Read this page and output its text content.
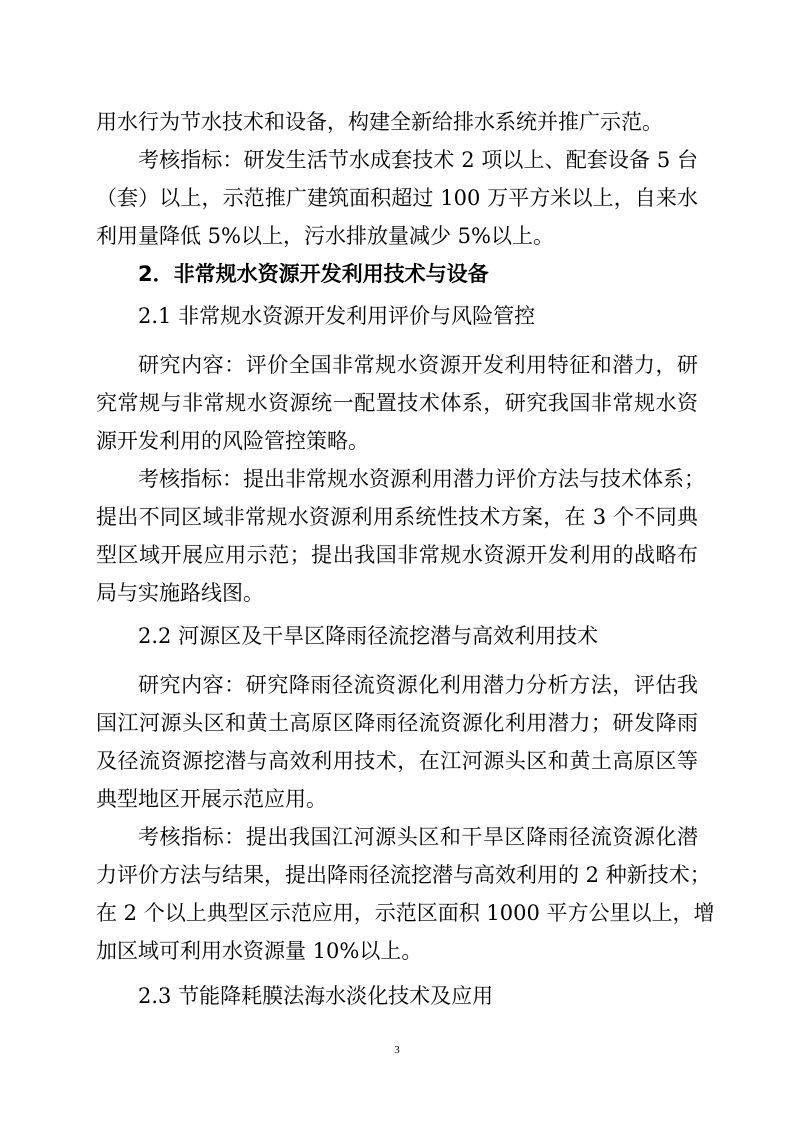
用水行为节水技术和设备，构建全新给排水系统并推广示范。
考核指标：研发生活节水成套技术 2 项以上、配套设备 5 台
（套）以上，示范推广建筑面积超过 100 万平方米以上，自来水
利用量降低 5%以上，污水排放量减少 5%以上。
2．非常规水资源开发利用技术与设备
2.1 非常规水资源开发利用评价与风险管控
研究内容：评价全国非常规水资源开发利用特征和潜力，研
究常规与非常规水资源统一配置技术体系，研究我国非常规水资
源开发利用的风险管控策略。
考核指标：提出非常规水资源利用潜力评价方法与技术体系；
提出不同区域非常规水资源利用系统性技术方案，在 3 个不同典
型区域开展应用示范；提出我国非常规水资源开发利用的战略布
局与实施路线图。
2.2 河源区及干旱区降雨径流挖潜与高效利用技术
研究内容：研究降雨径流资源化利用潜力分析方法，评估我
国江河源头区和黄土高原区降雨径流资源化利用潜力；研发降雨
及径流资源挖潜与高效利用技术，在江河源头区和黄土高原区等
典型地区开展示范应用。
考核指标：提出我国江河源头区和干旱区降雨径流资源化潜
力评价方法与结果，提出降雨径流挖潜与高效利用的 2 种新技术；
在 2 个以上典型区示范应用，示范区面积 1000 平方公里以上，增
加区域可利用水资源量 10%以上。
2.3 节能降耗膜法海水淡化技术及应用
3
